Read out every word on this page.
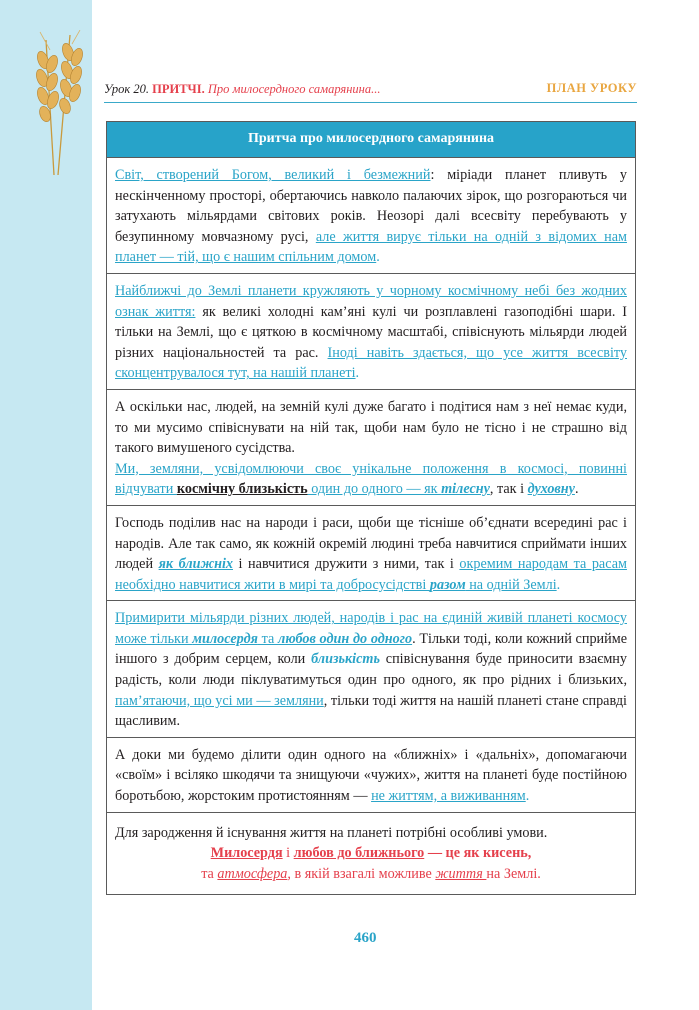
Урок 20. ПРИТЧІ. Про милосердного самарянина...	ПЛАН УРОКУ
Притча про милосердного самарянина

Світ, створений Богом, великий і безмежний: міріади планет пливуть у нескінченному просторі, обертаючись навколо палаючих зірок, що розгораються чи затухають мільярдами світових років. Неозорі далі всесвіту перебувають у безупинному мовчазному русі, але життя вирує тільки на одній з відомих нам планет — тій, що є нашим спільним домом.

Найближчі до Землі планети кружляють у чорному космічному небі без жодних ознак життя: як великі холодні кам’яні кулі чи розплавлені газоподібні шари. І тільки на Землі, що є цяткою в космічному масштабі, співіснують мільярди людей різних національностей та рас. Іноді навіть здається, що усе життя всесвіту сконцентрувалося тут, на нашій планеті.

А оскільки нас, людей, на земній кулі дуже багато і подітися нам з неї немає куди, то ми мусимо співіснувати на ній так, щоби нам було не тісно і не страшно від такого вимушеного сусідства.

Ми, земляни, усвідомлюючи своє унікальне положення в космосі, повинні відчувати космічну близькість один до одного — як тілесну, так і духовну.

Господь поділив нас на народи і раси, щоби ще тісніше об’єднати всередині рас і народів. Але так само, як кожній окремій людині треба навчитися сприймати інших людей як ближніх і навчитися дружити з ними, так і окремим народам та расам необхідно навчитися жити в мирі та добросусідстві разом на одній Землі.

Примирити мільярди різних людей, народів і рас на єдиній живій планеті космосу може тільки милосердя та любов один до одного. Тільки тоді, коли кожний сприйме іншого з добрим серцем, коли близькість співіснування буде приносити взаємну радість, коли люди піклуватимуться один про одного, як про рідних і близьких, пам’ятаючи, що усі ми — земляни, тільки тоді життя на нашій планеті стане справді щасливим.

А доки ми будемо ділити один одного на «ближніх» і «дальніх», допомагаючи «своїм» і всіляко шкодячи та знищуючи «чужих», життя на планеті буде постійною боротьбою, жорстоким протистоянням — не життям, а виживанням.

Для зародження й існування життя на планеті потрібні особливі умови.

Милосердя і любов до ближнього — це як кисень,

та атмосфера, в якій взагалі можливе життя на Землі.

460
